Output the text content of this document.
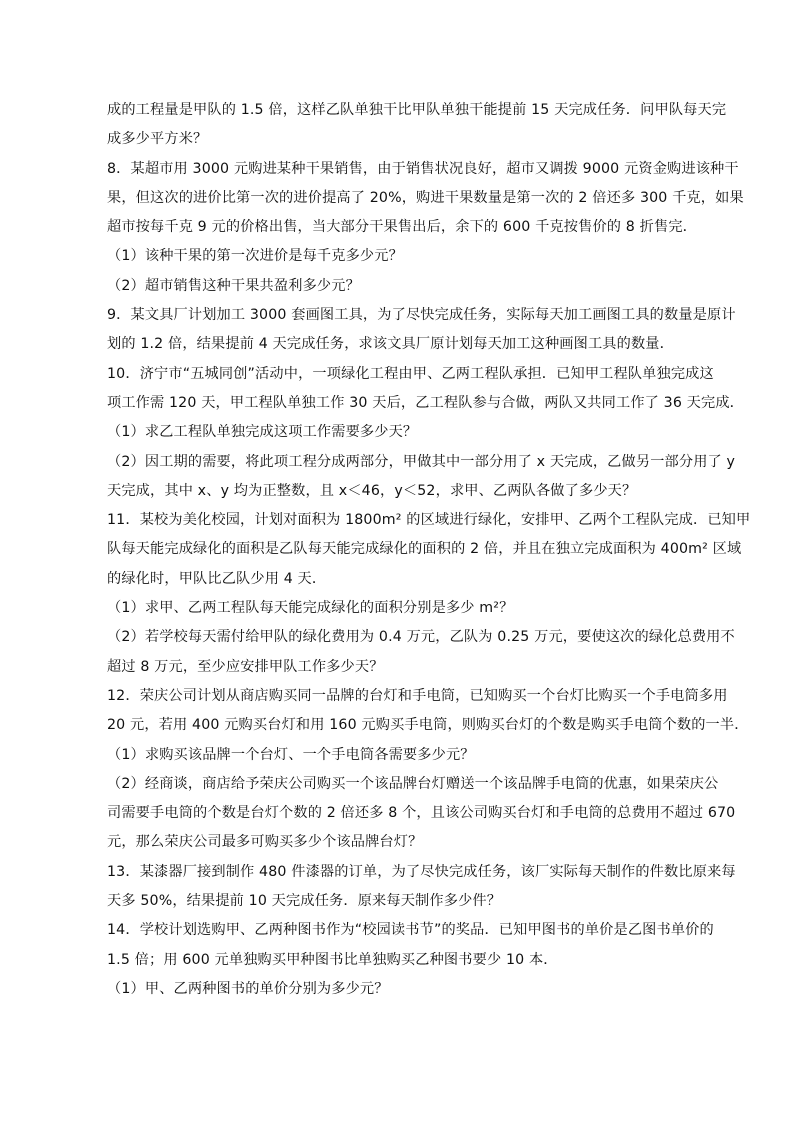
成的工程量是甲队的 1.5 倍，这样乙队单独干比甲队单独干能提前 15 天完成任务．问甲队每天完
成多少平方米？
8．某超市用 3000 元购进某种干果销售，由于销售状况良好，超市又调拨 9000 元资金购进该种干
果，但这次的进价比第一次的进价提高了 20%，购进干果数量是第一次的 2 倍还多 300 千克，如果
超市按每千克 9 元的价格出售，当大部分干果售出后，余下的 600 千克按售价的 8 折售完．
（1）该种干果的第一次进价是每千克多少元？
（2）超市销售这种干果共盈利多少元？
9．某文具厂计划加工 3000 套画图工具，为了尽快完成任务，实际每天加工画图工具的数量是原计
划的 1.2 倍，结果提前 4 天完成任务，求该文具厂原计划每天加工这种画图工具的数量．
10．济宁市“五城同创”活动中，一项绿化工程由甲、乙两工程队承担．已知甲工程队单独完成这
项工作需 120 天，甲工程队单独工作 30 天后，乙工程队参与合做，两队又共同工作了 36 天完成．
（1）求乙工程队单独完成这项工作需要多少天？
（2）因工期的需要，将此项工程分成两部分，甲做其中一部分用了 x 天完成，乙做另一部分用了 y
天完成，其中 x、y 均为正整数，且 x＜46，y＜52，求甲、乙两队各做了多少天？
11．某校为美化校园，计划对面积为 1800m² 的区域进行绿化，安排甲、乙两个工程队完成．已知甲
队每天能完成绿化的面积是乙队每天能完成绿化的面积的 2 倍，并且在独立完成面积为 400m² 区域
的绿化时，甲队比乙队少用 4 天．
（1）求甲、乙两工程队每天能完成绿化的面积分别是多少 m²？
（2）若学校每天需付给甲队的绿化费用为 0.4 万元，乙队为 0.25 万元，要使这次的绿化总费用不
超过 8 万元，至少应安排甲队工作多少天？
12．荣庆公司计划从商店购买同一品牌的台灯和手电筒，已知购买一个台灯比购买一个手电筒多用
20 元，若用 400 元购买台灯和用 160 元购买手电筒，则购买台灯的个数是购买手电筒个数的一半．
（1）求购买该品牌一个台灯、一个手电筒各需要多少元？
（2）经商谈，商店给予荣庆公司购买一个该品牌台灯赠送一个该品牌手电筒的优惠，如果荣庆公
司需要手电筒的个数是台灯个数的 2 倍还多 8 个，且该公司购买台灯和手电筒的总费用不超过 670
元，那么荣庆公司最多可购买多少个该品牌台灯？
13．某漆器厂接到制作 480 件漆器的订单，为了尽快完成任务，该厂实际每天制作的件数比原来每
天多 50%，结果提前 10 天完成任务．原来每天制作多少件？
14．学校计划选购甲、乙两种图书作为“校园读书节”的奖品．已知甲图书的单价是乙图书单价的
1.5 倍；用 600 元单独购买甲种图书比单独购买乙种图书要少 10 本．
（1）甲、乙两种图书的单价分别为多少元？
